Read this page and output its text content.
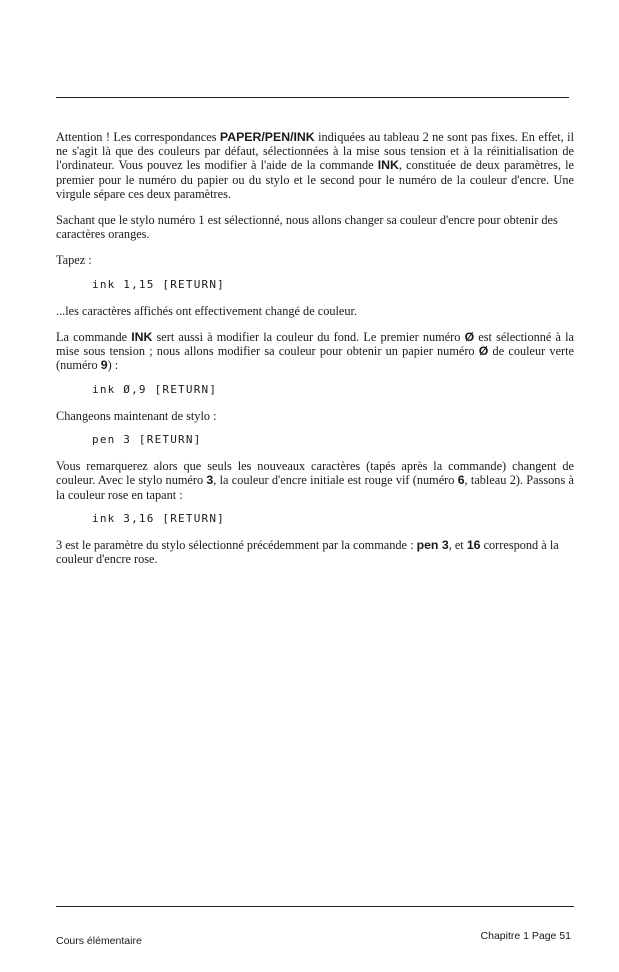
Attention ! Les correspondances PAPER/PEN/INK indiquées au tableau 2 ne sont pas fixes. En effet, il ne s'agit là que des couleurs par défaut, sélectionnées à la mise sous tension et à la réinitialisation de l'ordinateur. Vous pouvez les modifier à l'aide de la commande INK, constituée de deux paramètres, le premier pour le numéro du papier ou du stylo et le second pour le numéro de la couleur d'encre. Une virgule sépare ces deux paramètres.

Sachant que le stylo numéro 1 est sélectionné, nous allons changer sa couleur d'encre pour obtenir des caractères oranges.

Tapez :

ink 1,15 [RETURN]

...les caractères affichés ont effectivement changé de couleur.

La commande INK sert aussi à modifier la couleur du fond. Le premier numéro Ø est sélectionné à la mise sous tension ; nous allons modifier sa couleur pour obtenir un papier numéro Ø de couleur verte (numéro 9) :

ink Ø,9 [RETURN]

Changeons maintenant de stylo :

pen 3 [RETURN]

Vous remarquerez alors que seuls les nouveaux caractères (tapés après la commande) changent de couleur. Avec le stylo numéro 3, la couleur d'encre initiale est rouge vif (numéro 6, tableau 2). Passons à la couleur rose en tapant :

ink 3,16 [RETURN]

3 est le paramètre du stylo sélectionné précédemment par la commande : pen 3, et 16 correspond à la couleur d'encre rose.

Cours élémentaire	Chapitre 1 Page 51
